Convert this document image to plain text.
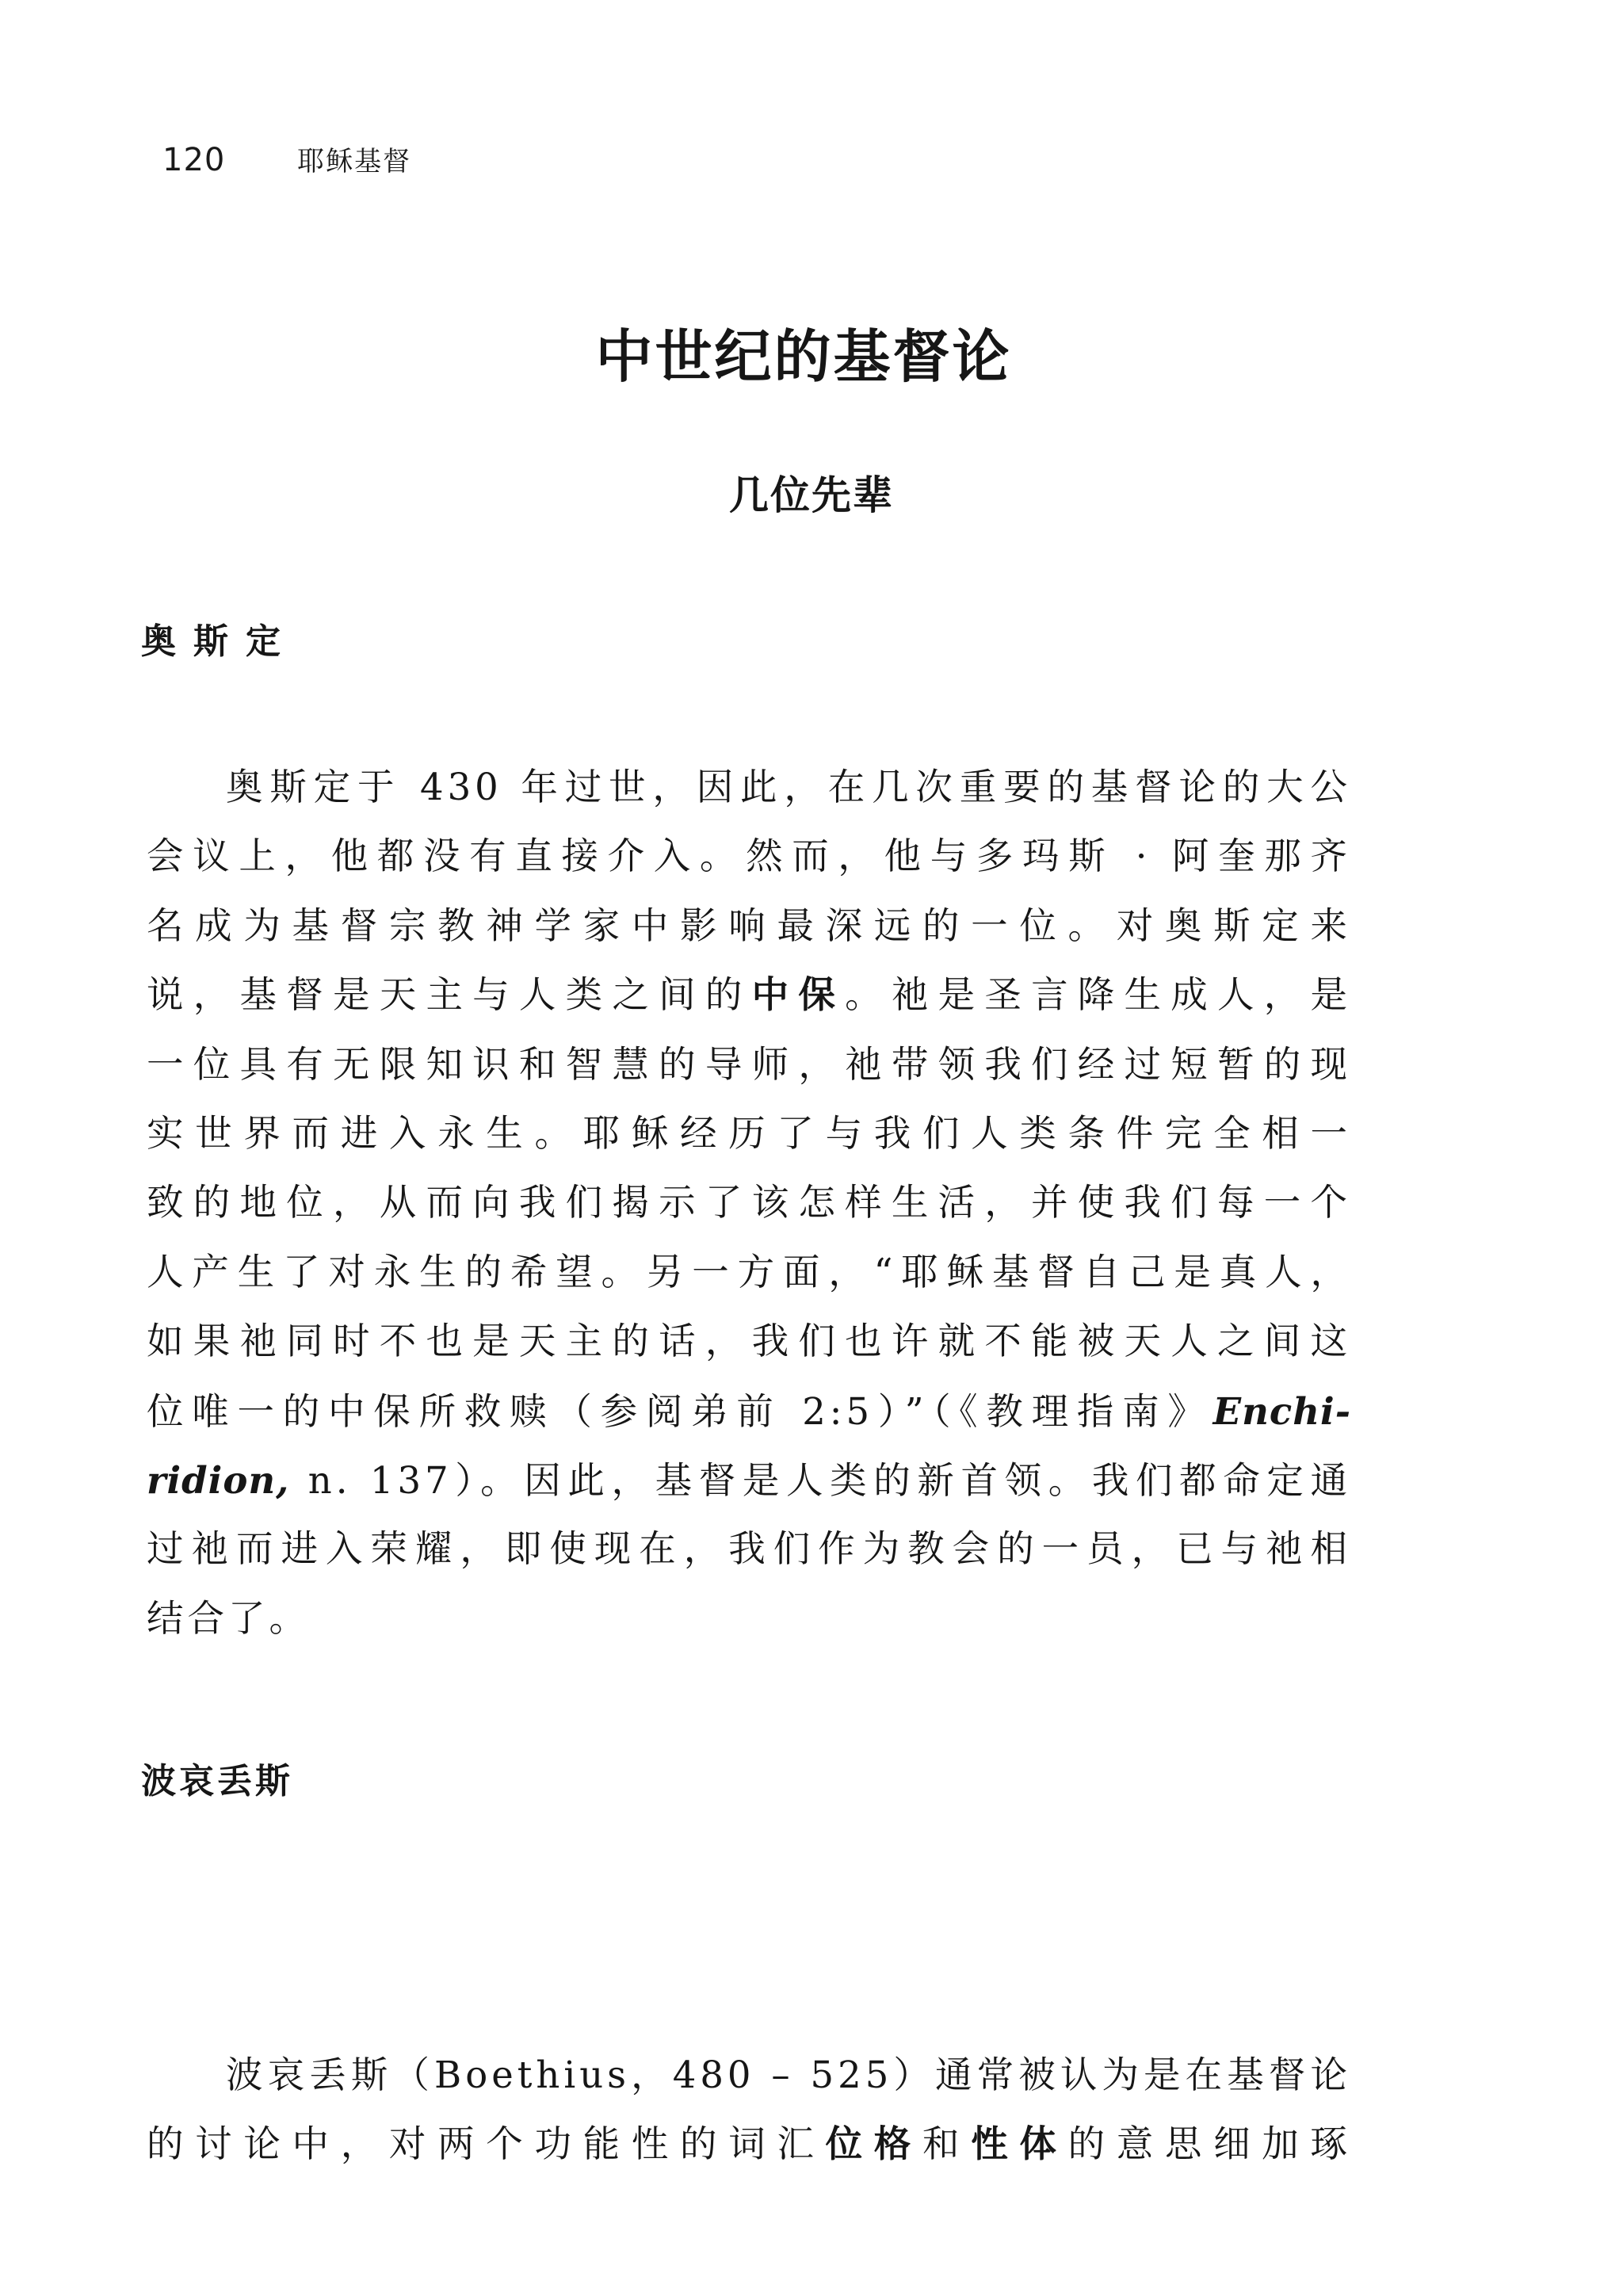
120	耶稣基督
中世纪的基督论
几位先辈
奥斯定
奥斯定于 430 年过世，因此，在几次重要的基督论的大公
会议上，他都没有直接介入。然而，他与多玛斯 · 阿奎那齐
名成为基督宗教神学家中影响最深远的一位。对奥斯定来
说，基督是天主与人类之间的中保。祂是圣言降生成人，是
一位具有无限知识和智慧的导师，祂带领我们经过短暂的现
实世界而进入永生。耶稣经历了与我们人类条件完全相一
致的地位，从而向我们揭示了该怎样生活，并使我们每一个
人产生了对永生的希望。另一方面，“耶稣基督自己是真人，
如果祂同时不也是天主的话，我们也许就不能被天人之间这
位唯一的中保所救赎（参阅弟前 2:5）”（《教理指南》Enchi-
ridion, n. 137）。因此，基督是人类的新首领。我们都命定通
过祂而进入荣耀，即使现在，我们作为教会的一员，已与祂相
结合了。
波哀丢斯
波哀丢斯（Boethius，480 – 525）通常被认为是在基督论
的讨论中，对两个功能性的词汇位格和性体的意思细加琢
